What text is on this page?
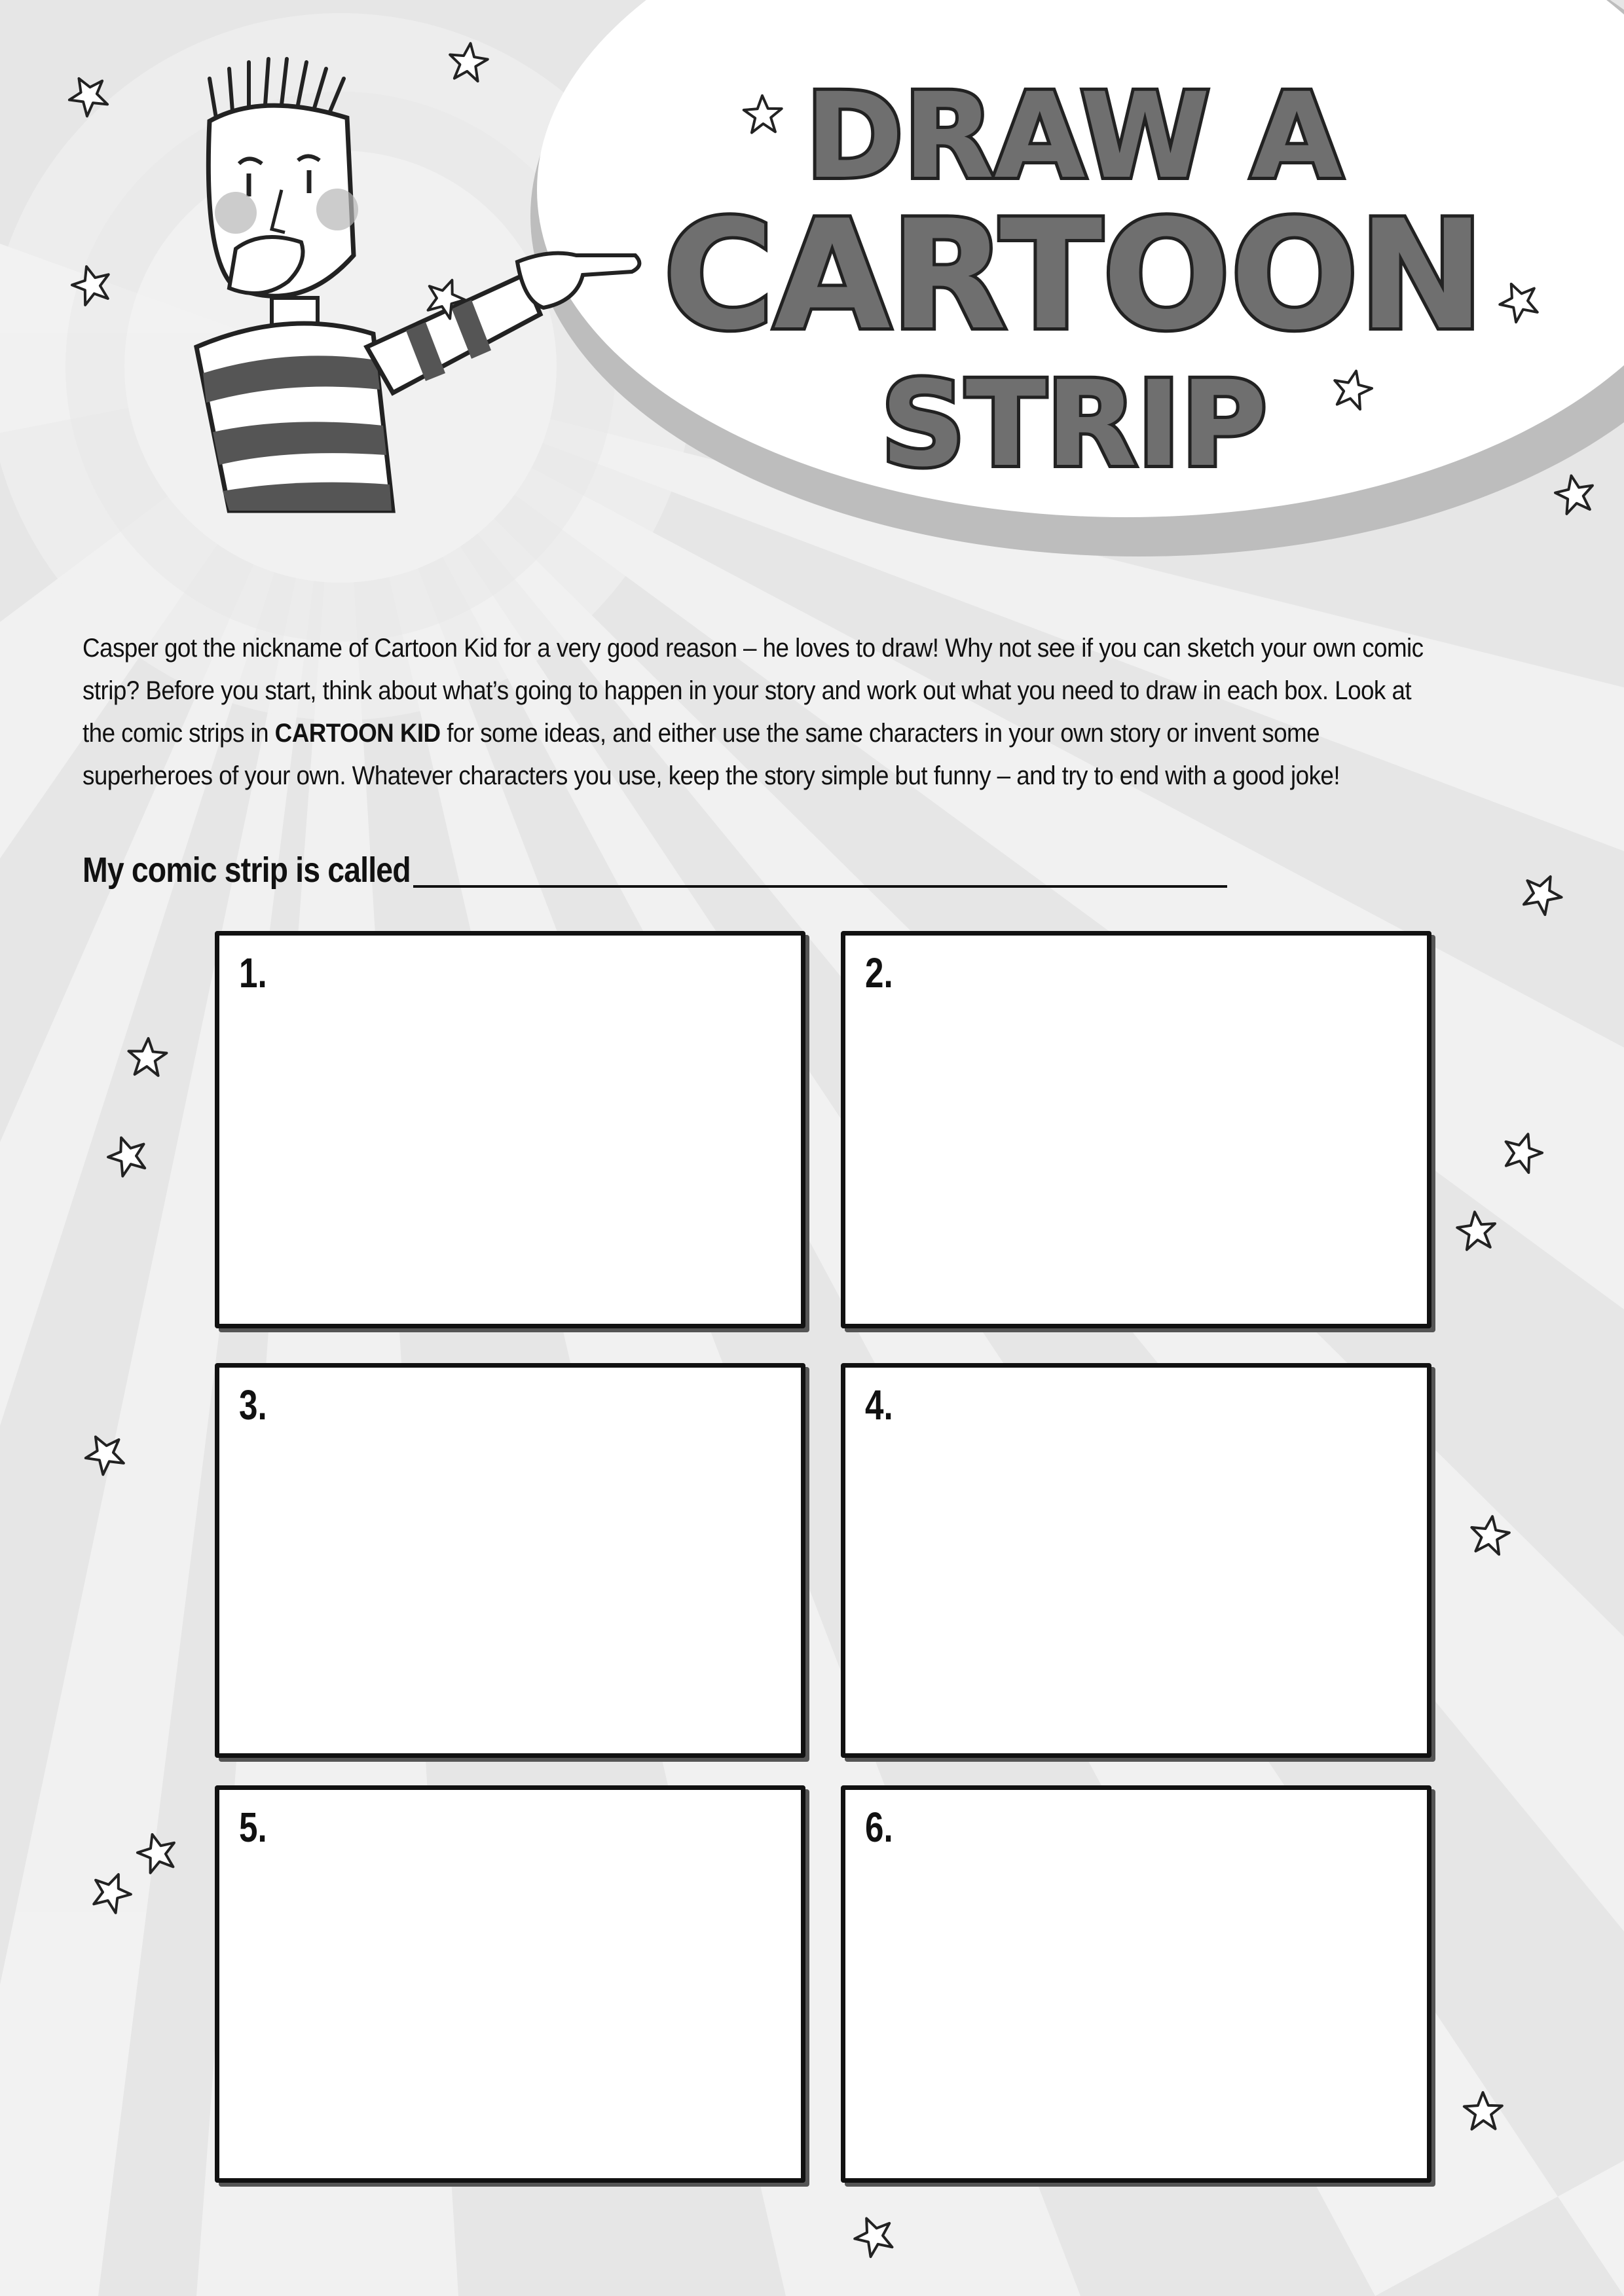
DRAW A
CARTOON
STRIP

Casper got the nickname of Cartoon Kid for a very good reason – he loves to draw! Why not see if you can sketch your own comic strip? Before you start, think about what’s going to happen in your story and work out what you need to draw in each box. Look at the comic strips in CARTOON KID for some ideas, and either use the same characters in your own story or invent some superheroes of your own. Whatever characters you use, keep the story simple but funny – and try to end with a good joke!

My comic strip is called
1.	2.
3.	4.
5.	6.
